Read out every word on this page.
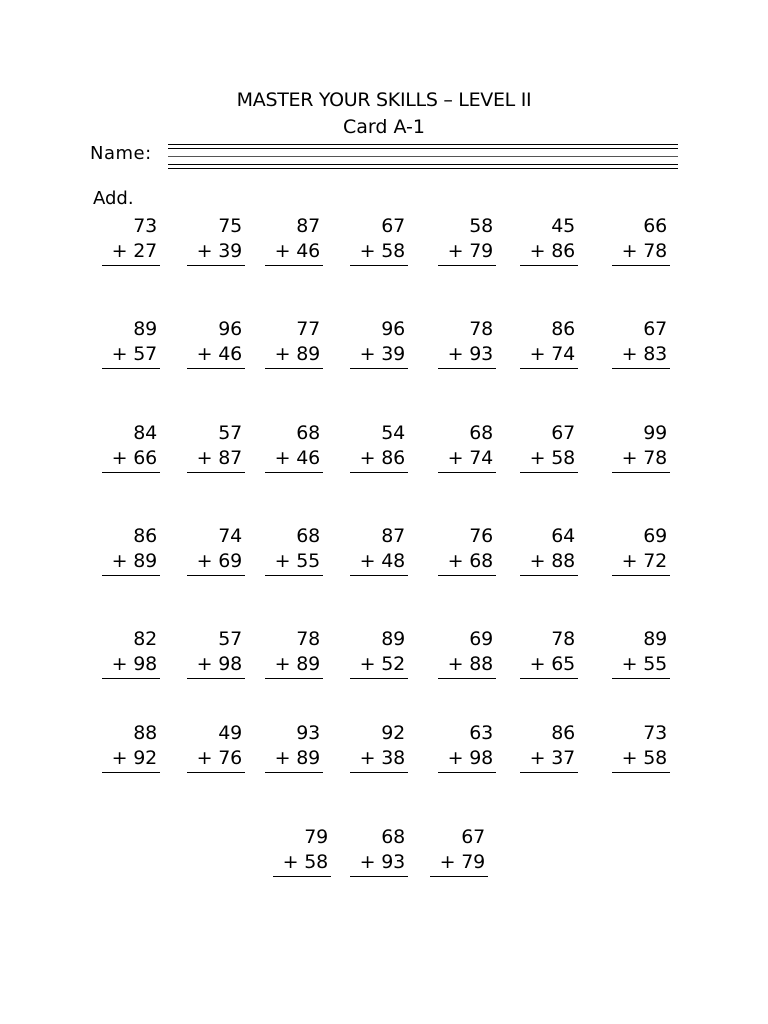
MASTER YOUR SKILLS – LEVEL II
Card A-1
Name:
Add.
73
+ 27
75
+ 39
87
+ 46
67
+ 58
58
+ 79
45
+ 86
66
+ 78
89
+ 57
96
+ 46
77
+ 89
96
+ 39
78
+ 93
86
+ 74
67
+ 83
84
+ 66
57
+ 87
68
+ 46
54
+ 86
68
+ 74
67
+ 58
99
+ 78
86
+ 89
74
+ 69
68
+ 55
87
+ 48
76
+ 68
64
+ 88
69
+ 72
82
+ 98
57
+ 98
78
+ 89
89
+ 52
69
+ 88
78
+ 65
89
+ 55
88
+ 92
49
+ 76
93
+ 89
92
+ 38
63
+ 98
86
+ 37
73
+ 58
79
+ 58
68
+ 93
67
+ 79
